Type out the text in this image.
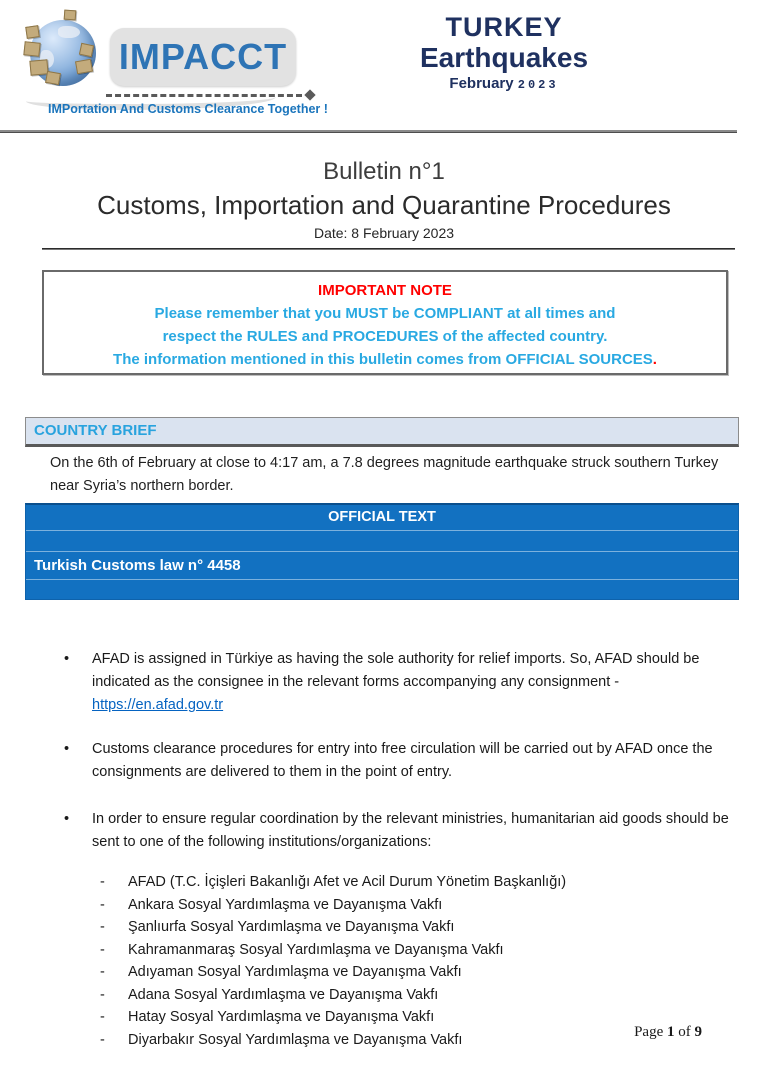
IMPACCT
IMPortation And Customs Clearance Together !
TURKEY
Earthquakes
February 2023
Bulletin n°1
Customs, Importation and Quarantine Procedures
Date: 8 February 2023
IMPORTANT NOTE
Please remember that you MUST be COMPLIANT at all times and
respect the RULES and PROCEDURES of the affected country.
The information mentioned in this bulletin comes from OFFICIAL SOURCES.
COUNTRY BRIEF
On the 6th of February at close to 4:17 am, a 7.8 degrees magnitude earthquake struck southern Turkey near Syria’s northern border.
OFFICIAL TEXT
Turkish Customs law n° 4458
•	AFAD is assigned in Türkiye as having the sole authority for relief imports. So, AFAD should be indicated as the consignee in the relevant forms accompanying any consignment -
https://en.afad.gov.tr
•	Customs clearance procedures for entry into free circulation will be carried out by AFAD once the consignments are delivered to them in the point of entry.
•	In order to ensure regular coordination by the relevant ministries, humanitarian aid goods should be sent to one of the following institutions/organizations:
-	AFAD (T.C. İçişleri Bakanlığı Afet ve Acil Durum Yönetim Başkanlığı)
-	Ankara Sosyal Yardımlaşma ve Dayanışma Vakfı
-	Şanlıurfa Sosyal Yardımlaşma ve Dayanışma Vakfı
-	Kahramanmaraş Sosyal Yardımlaşma ve Dayanışma Vakfı
-	Adıyaman Sosyal Yardımlaşma ve Dayanışma Vakfı
-	Adana Sosyal Yardımlaşma ve Dayanışma Vakfı
-	Hatay Sosyal Yardımlaşma ve Dayanışma Vakfı
-	Diyarbakır Sosyal Yardımlaşma ve Dayanışma Vakfı	Page 1 of 9
